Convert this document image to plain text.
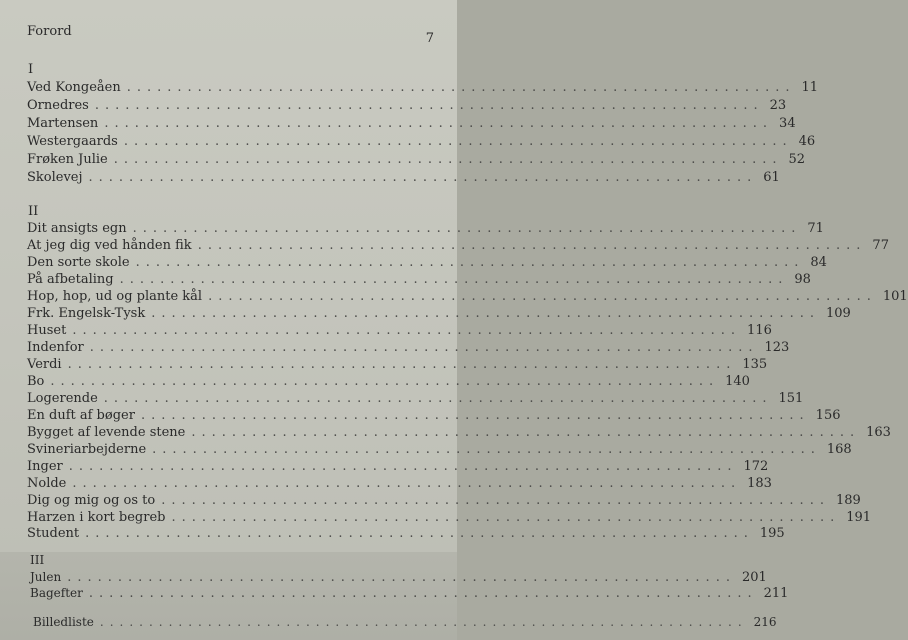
Forord	7
I
Ved Kongeåen .................................................................. 11
Ornedres .................................................................. 23
Martensen .................................................................. 34
Westergaards .................................................................. 46
Frøken Julie .................................................................. 52
Skolevej .................................................................. 61
II
Dit ansigts egn .................................................................. 71
At jeg dig ved hånden fik .................................................................. 77
Den sorte skole .................................................................. 84
På afbetaling .................................................................. 98
Hop, hop, ud og plante kål .................................................................. 101
Frk. Engelsk-Tysk .................................................................. 109
Huset .................................................................. 116
Indenfor .................................................................. 123
Verdi .................................................................. 135
Bo .................................................................. 140
Logerende .................................................................. 151
En duft af bøger .................................................................. 156
Bygget af levende stene .................................................................. 163
Svineriarbejderne .................................................................. 168
Inger .................................................................. 172
Nolde .................................................................. 183
Dig og mig og os to .................................................................. 189
Harzen i kort begreb .................................................................. 191
Student .................................................................. 195
III
Julen .................................................................. 201
Bagefter .................................................................. 211
Billedliste .................................................................. 216
